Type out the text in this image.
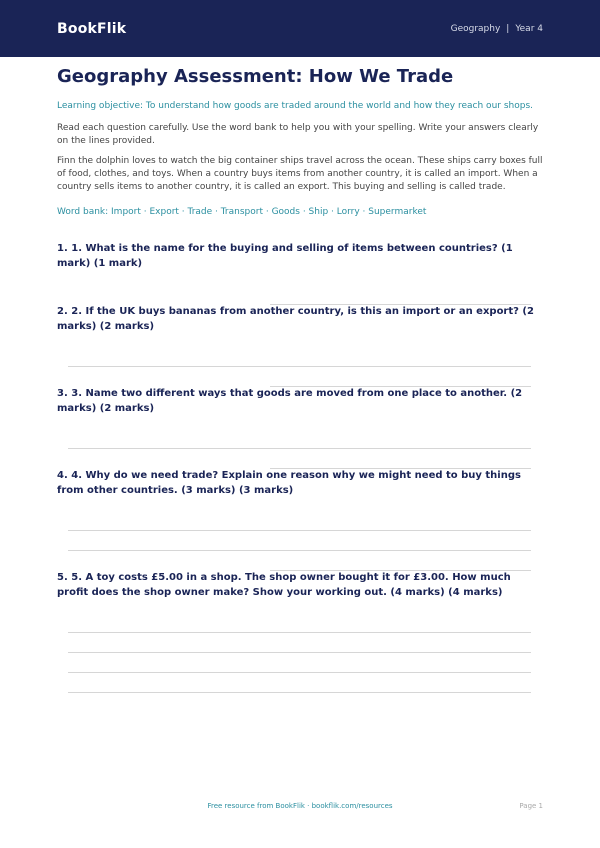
BookFlik	Geography | Year 4
Geography Assessment: How We Trade
Learning objective: To understand how goods are traded around the world and how they reach our shops.
Read each question carefully. Use the word bank to help you with your spelling. Write your answers clearly on the lines provided.
Finn the dolphin loves to watch the big container ships travel across the ocean. These ships carry boxes full of food, clothes, and toys. When a country buys items from another country, it is called an import. When a country sells items to another country, it is called an export. This buying and selling is called trade.
Word bank: Import · Export · Trade · Transport · Goods · Ship · Lorry · Supermarket
1. 1. What is the name for the buying and selling of items between countries? (1 mark) (1 mark)
2. 2. If the UK buys bananas from another country, is this an import or an export? (2 marks) (2 marks)
3. 3. Name two different ways that goods are moved from one place to another. (2 marks) (2 marks)
4. 4. Why do we need trade? Explain one reason why we might need to buy things from other countries. (3 marks) (3 marks)
5. 5. A toy costs £5.00 in a shop. The shop owner bought it for £3.00. How much profit does the shop owner make? Show your working out. (4 marks) (4 marks)
Free resource from BookFlik · bookflik.com/resources	Page 1
